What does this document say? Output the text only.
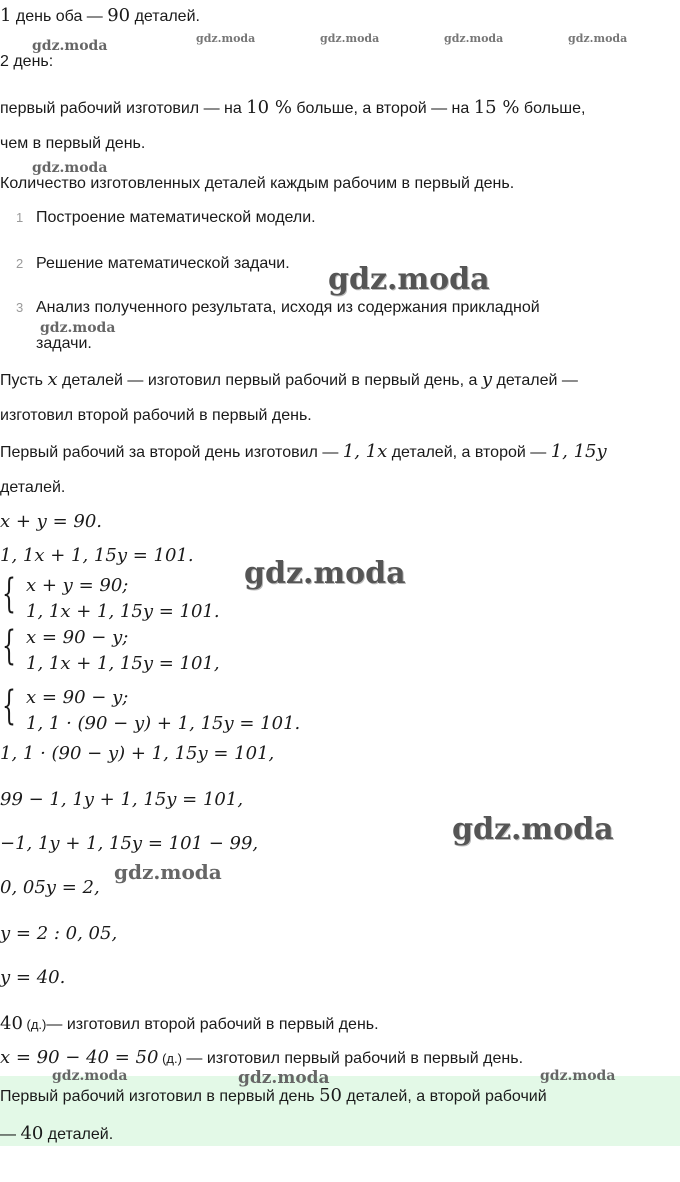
1 день оба — 90 деталей.
2 день:
первый рабочий изготовил — на 10 % больше, а второй — на 15 % больше,
чем в первый день.
Количество изготовленных деталей каждым рабочим в первый день.
1 Построение математической модели.
2 Решение математической задачи.
3 Анализ полученного результата, исходя из содержания прикладной
задачи.
Пусть x деталей — изготовил первый рабочий в первый день, а y деталей —
изготовил второй рабочий в первый день.
Первый рабочий за второй день изготовил — 1, 1x деталей, а второй — 1, 15y
деталей.
x + y = 90.
1, 1x + 1, 15y = 101.
{ x + y = 90;
1, 1x + 1, 15y = 101.
{ x = 90 − y;
1, 1x + 1, 15y = 101,
{ x = 90 − y;
1, 1 · (90 − y) + 1, 15y = 101.
1, 1 · (90 − y) + 1, 15y = 101,
99 − 1, 1y + 1, 15y = 101,
−1, 1y + 1, 15y = 101 − 99,
0, 05y = 2,
y = 2 : 0, 05,
y = 40.
40 (д.)— изготовил второй рабочий в первый день.
x = 90 − 40 = 50 (д.) — изготовил первый рабочий в первый день.
Первый рабочий изготовил в первый день 50 деталей, а второй рабочий
— 40 деталей.
gdz.moda	gdz.moda	gdz.moda	gdz.moda	gdz.moda
gdz.moda
gdz.moda
gdz.moda
gdz.moda
gdz.moda
gdz.moda
gdz.moda	gdz.moda	gdz.moda
